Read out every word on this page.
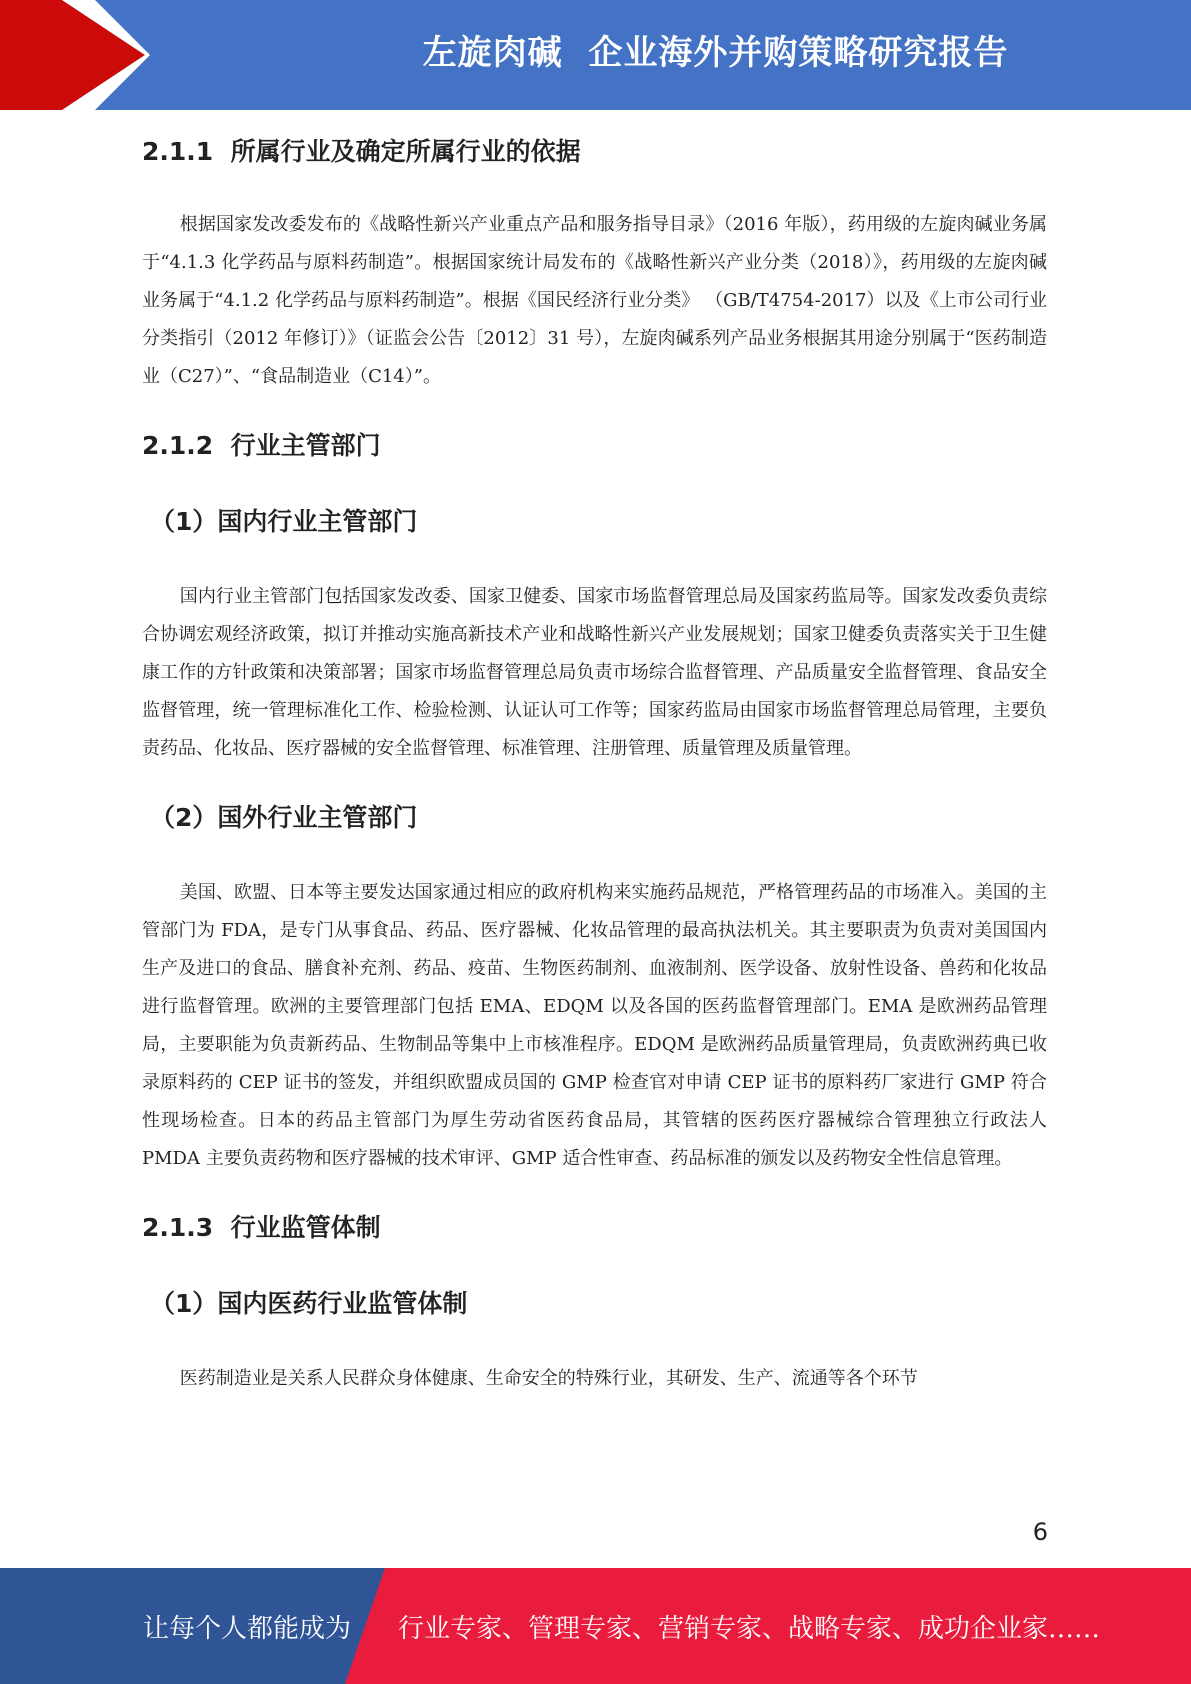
左旋肉碱  企业海外并购策略研究报告
2.1.1  所属行业及确定所属行业的依据

根据国家发改委发布的《战略性新兴产业重点产品和服务指导目录》（2016 年版），药用级的左旋肉碱业务属于“4.1.3 化学药品与原料药制造”。根据国家统计局发布的《战略性新兴产业分类（2018）》，药用级的左旋肉碱业务属于“4.1.2 化学药品与原料药制造”。根据《国民经济行业分类》 （GB/T4754-2017）以及《上市公司行业分类指引（2012 年修订）》（证监会公告〔2012〕31 号），左旋肉碱系列产品业务根据其用途分别属于“医药制造业（C27）”、“食品制造业（C14）”。

2.1.2  行业主管部门
（1）国内行业主管部门

国内行业主管部门包括国家发改委、国家卫健委、国家市场监督管理总局及国家药监局等。国家发改委负责综合协调宏观经济政策，拟订并推动实施高新技术产业和战略性新兴产业发展规划；国家卫健委负责落实关于卫生健康工作的方针政策和决策部署；国家市场监督管理总局负责市场综合监督管理、产品质量安全监督管理、食品安全监督管理，统一管理标准化工作、检验检测、认证认可工作等；国家药监局由国家市场监督管理总局管理，主要负责药品、化妆品、医疗器械的安全监督管理、标准管理、注册管理、质量管理及质量管理。

（2）国外行业主管部门

美国、欧盟、日本等主要发达国家通过相应的政府机构来实施药品规范，严格管理药品的市场准入。美国的主管部门为 FDA，是专门从事食品、药品、医疗器械、化妆品管理的最高执法机关。其主要职责为负责对美国国内生产及进口的食品、膳食补充剂、药品、疫苗、生物医药制剂、血液制剂、医学设备、放射性设备、兽药和化妆品进行监督管理。欧洲的主要管理部门包括 EMA、EDQM 以及各国的医药监督管理部门。EMA 是欧洲药品管理局，主要职能为负责新药品、生物制品等集中上市核准程序。EDQM 是欧洲药品质量管理局，负责欧洲药典已收录原料药的 CEP 证书的签发，并组织欧盟成员国的 GMP 检查官对申请 CEP 证书的原料药厂家进行 GMP 符合性现场检查。日本的药品主管部门为厚生劳动省医药食品局，其管辖的医药医疗器械综合管理独立行政法人 PMDA 主要负责药物和医疗器械的技术审评、GMP 适合性审查、药品标准的颁发以及药物安全性信息管理。

2.1.3  行业监管体制
（1）国内医药行业监管体制

医药制造业是关系人民群众身体健康、生命安全的特殊行业，其研发、生产、流通等各个环节

6
让每个人都能成为 行业专家、管理专家、营销专家、战略专家、成功企业家……
